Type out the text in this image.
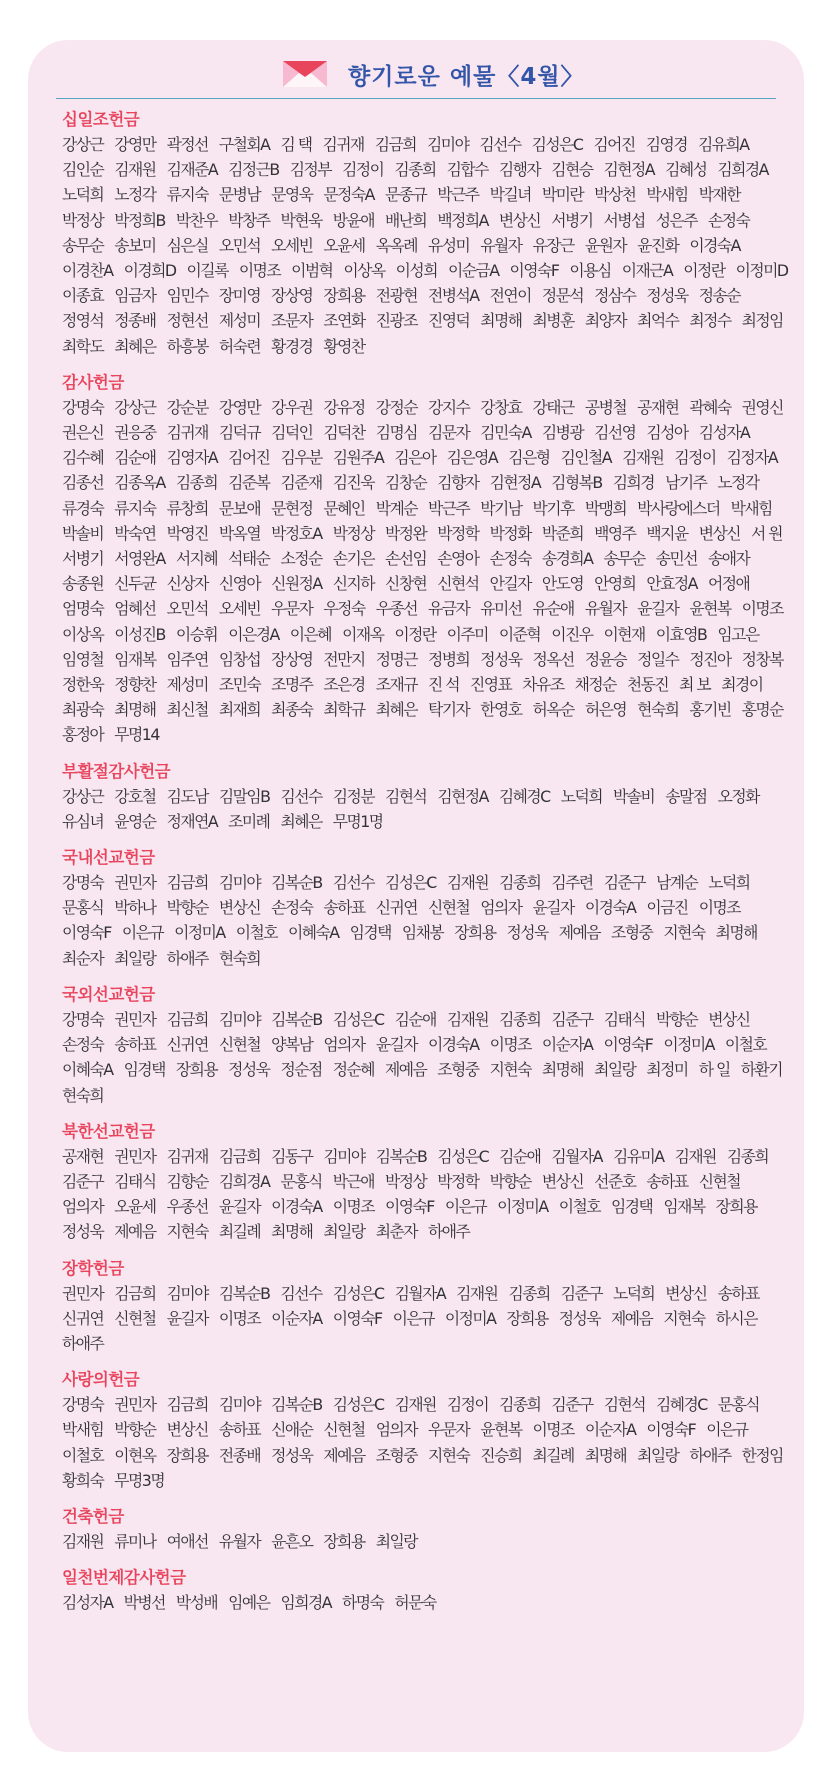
향기로운 예물〈4월〉
십일조헌금
강상근 강영만 곽정선 구철회A 김 택 김귀재 김금희 김미야 김선수 김성은C 김어진 김영경 김유희A
김인순 김재원 김재준A 김정근B 김정부 김정이 김종희 김합수 김행자 김현승 김현정A 김혜성 김희경A
노덕희 노정각 류지숙 문병남 문영욱 문정숙A 문종규 박근주 박길녀 박미란 박상천 박새힘 박재한
박정상 박정희B 박찬우 박창주 박현욱 방윤애 배난희 백정희A 변상신 서병기 서병섭 성은주 손정숙
송무순 송보미 심은실 오민석 오세빈 오윤세 옥옥례 유성미 유월자 유장근 윤원자 윤진화 이경숙A
이경찬A 이경희D 이길록 이명조 이범혁 이상옥 이성희 이순금A 이영숙F 이용심 이재근A 이정란 이정미D
이종효 임금자 임민수 장미영 장상영 장희용 전광현 전병석A 전연이 정문석 정삼수 정성욱 정송순
정영석 정종배 정현선 제성미 조문자 조연화 진광조 진영덕 최명해 최병훈 최양자 최억수 최정수 최정임
최학도 최혜은 하흥봉 허숙련 황경경 황영찬
감사헌금
강명숙 강상근 강순분 강영만 강우권 강유정 강정순 강지수 강창효 강태근 공병철 공재현 곽혜숙 권영신
권은신 권응중 김귀재 김덕규 김덕인 김덕찬 김명심 김문자 김민숙A 김병광 김선영 김성아 김성자A
김수혜 김순애 김영자A 김어진 김우분 김원주A 김은아 김은영A 김은형 김인철A 김재원 김정이 김정자A
김종선 김종옥A 김종희 김준복 김준재 김진욱 김창순 김향자 김현정A 김형복B 김희경 남기주 노정각
류경숙 류지숙 류창희 문보애 문현정 문혜인 박계순 박근주 박기남 박기후 박맹희 박사랑에스더 박새힘
박솔비 박숙연 박영진 박옥열 박정호A 박정상 박정완 박정학 박정화 박준희 백영주 백지윤 변상신 서 원
서병기 서영완A 서지혜 석태순 소정순 손기은 손선임 손영아 손정숙 송경희A 송무순 송민선 송애자
송종원 신두균 신상자 신영아 신원정A 신지하 신창현 신현석 안길자 안도영 안영희 안효정A 어정애
엄명숙 엄혜선 오민석 오세빈 우문자 우정숙 우종선 유금자 유미선 유순애 유월자 윤길자 윤현복 이명조
이상옥 이성진B 이승휘 이은경A 이은혜 이재옥 이정란 이주미 이준혁 이진우 이현재 이효영B 임고은
임영철 임재복 임주연 임창섭 장상영 전만지 정명근 정병희 정성욱 정옥선 정윤승 정일수 정진아 정창복
정한욱 정향찬 제성미 조민숙 조명주 조은경 조재규 진 석 진영표 차유조 채정순 천동진 최 보 최경이
최광숙 최명해 최신철 최재희 최종숙 최학규 최혜은 탁기자 한영호 허옥순 허은영 현숙희 홍기빈 홍명순
홍정아 무명14
부활절감사헌금
강상근 강호철 김도남 김말임B 김선수 김정분 김현석 김현정A 김혜경C 노덕희 박솔비 송말점 오정화
유심녀 윤영순 정재연A 조미례 최혜은 무명1명
국내선교헌금
강명숙 권민자 김금희 김미야 김복순B 김선수 김성은C 김재원 김종희 김주련 김준구 남계순 노덕희
문홍식 박하나 박향순 변상신 손정숙 송하표 신귀연 신현철 엄의자 윤길자 이경숙A 이금진 이명조
이영숙F 이은규 이정미A 이철호 이혜숙A 임경택 임채봉 장희용 정성욱 제예음 조형중 지현숙 최명해
최순자 최일랑 하애주 현숙희
국외선교헌금
강명숙 권민자 김금희 김미야 김복순B 김성은C 김순애 김재원 김종희 김준구 김태식 박향순 변상신
손정숙 송하표 신귀연 신현철 양복남 엄의자 윤길자 이경숙A 이명조 이순자A 이영숙F 이정미A 이철호
이혜숙A 임경택 장희용 정성욱 정순점 정순혜 제예음 조형중 지현숙 최명해 최일랑 최정미 하 일 하환기
현숙희
북한선교헌금
공재현 권민자 김귀재 김금희 김동구 김미야 김복순B 김성은C 김순애 김월자A 김유미A 김재원 김종희
김준구 김태식 김향순 김희경A 문홍식 박근애 박정상 박정학 박향순 변상신 선준호 송하표 신현철
엄의자 오윤세 우종선 윤길자 이경숙A 이명조 이영숙F 이은규 이정미A 이철호 임경택 임재복 장희용
정성욱 제예음 지현숙 최길례 최명해 최일랑 최춘자 하애주
장학헌금
권민자 김금희 김미야 김복순B 김선수 김성은C 김월자A 김재원 김종희 김준구 노덕희 변상신 송하표
신귀연 신현철 윤길자 이명조 이순자A 이영숙F 이은규 이정미A 장희용 정성욱 제예음 지현숙 하시은
하애주
사랑의헌금
강명숙 권민자 김금희 김미야 김복순B 김성은C 김재원 김정이 김종희 김준구 김현석 김혜경C 문홍식
박새힘 박향순 변상신 송하표 신애순 신현철 엄의자 우문자 윤현복 이명조 이순자A 이영숙F 이은규
이철호 이현옥 장희용 전종배 정성욱 제예음 조형중 지현숙 진승희 최길례 최명해 최일랑 하애주 한정임
황희숙 무명3명
건축헌금
김재원 류미나 여애선 유월자 윤흔오 장희용 최일랑
일천번제감사헌금
김성자A 박병선 박성배 임예은 임희경A 하명숙 허문숙
